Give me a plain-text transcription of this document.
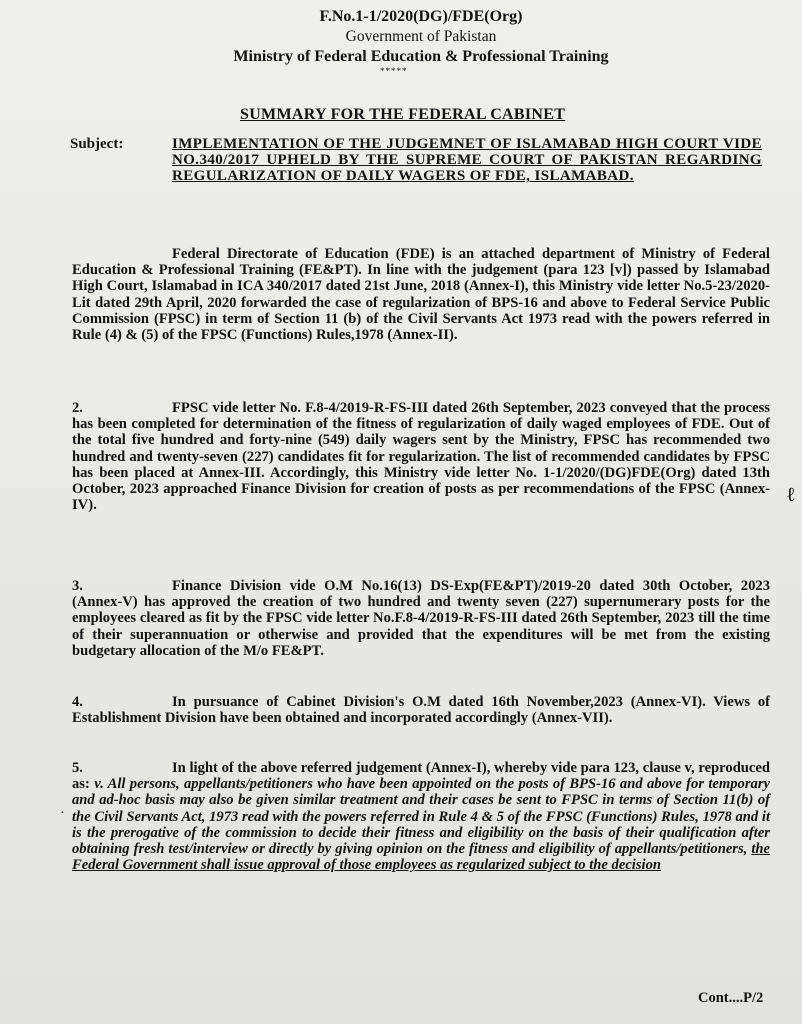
F.No.1-1/2020(DG)/FDE(Org)
Government of Pakistan
Ministry of Federal Education & Professional Training
*****
SUMMARY FOR THE FEDERAL CABINET
Subject:	IMPLEMENTATION OF THE JUDGEMNET OF ISLAMABAD HIGH COURT VIDE NO.340/2017 UPHELD BY THE SUPREME COURT OF PAKISTAN REGARDING REGULARIZATION OF DAILY WAGERS OF FDE, ISLAMABAD.
Federal Directorate of Education (FDE) is an attached department of Ministry of Federal Education & Professional Training (FE&PT). In line with the judgement (para 123 [v]) passed by Islamabad High Court, Islamabad in ICA 340/2017 dated 21st June, 2018 (Annex-I), this Ministry vide letter No.5-23/2020-Lit dated 29th April, 2020 forwarded the case of regularization of BPS-16 and above to Federal Service Public Commission (FPSC) in term of Section 11 (b) of the Civil Servants Act 1973 read with the powers referred in Rule (4) & (5) of the FPSC (Functions) Rules,1978 (Annex-II).
2.	FPSC vide letter No. F.8-4/2019-R-FS-III dated 26th September, 2023 conveyed that the process has been completed for determination of the fitness of regularization of daily waged employees of FDE. Out of the total five hundred and forty-nine (549) daily wagers sent by the Ministry, FPSC has recommended two hundred and twenty-seven (227) candidates fit for regularization. The list of recommended candidates by FPSC has been placed at Annex-III. Accordingly, this Ministry vide letter No. 1-1/2020/(DG)FDE(Org) dated 13th October, 2023 approached Finance Division for creation of posts as per recommendations of the FPSC (Annex-IV).
3.	Finance Division vide O.M No.16(13) DS-Exp(FE&PT)/2019-20 dated 30th October, 2023 (Annex-V) has approved the creation of two hundred and twenty seven (227) supernumerary posts for the employees cleared as fit by the FPSC vide letter No.F.8-4/2019-R-FS-III dated 26th September, 2023 till the time of their superannuation or otherwise and provided that the expenditures will be met from the existing budgetary allocation of the M/o FE&PT.
4.	In pursuance of Cabinet Division's O.M dated 16th November,2023 (Annex-VI). Views of Establishment Division have been obtained and incorporated accordingly (Annex-VII).
5.	In light of the above referred judgement (Annex-I), whereby vide para 123, clause v, reproduced as: v. All persons, appellants/petitioners who have been appointed on the posts of BPS-16 and above for temporary and ad-hoc basis may also be given similar treatment and their cases be sent to FPSC in terms of Section 11(b) of the Civil Servants Act, 1973 read with the powers referred in Rule 4 & 5 of the FPSC (Functions) Rules, 1978 and it is the prerogative of the commission to decide their fitness and eligibility on the basis of their qualification after obtaining fresh test/interview or directly by giving opinion on the fitness and eligibility of appellants/petitioners, the Federal Government shall issue approval of those employees as regularized subject to the decision
·
ℓ
Cont....P/2
